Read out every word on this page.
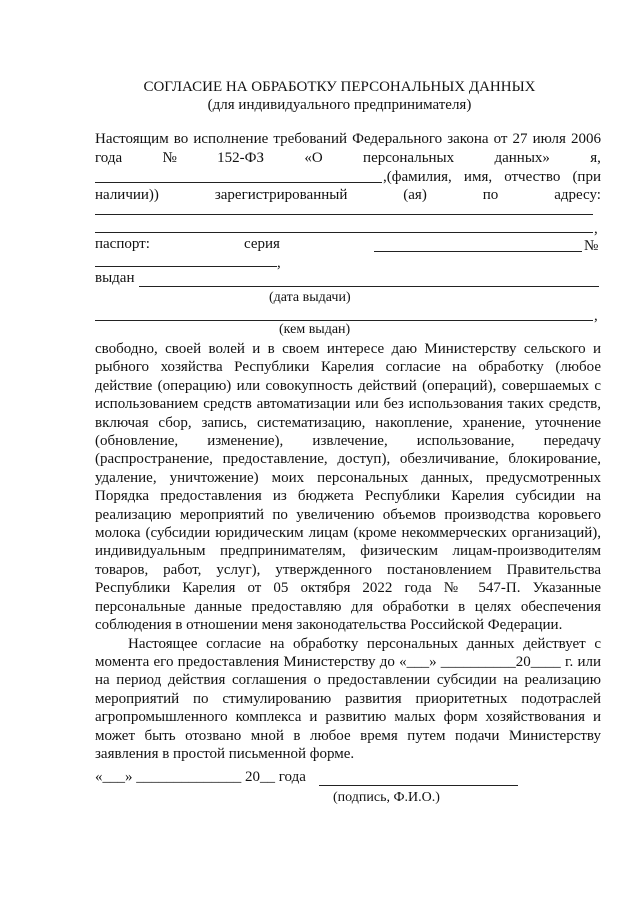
СОГЛАСИЕ НА ОБРАБОТКУ ПЕРСОНАЛЬНЫХ ДАННЫХ
(для индивидуального предпринимателя)
Настоящим во исполнение требований Федерального закона от 27 июля 2006
года	№	152-ФЗ	«О	персональных	данных»	я,
,(фамилия, имя, отчество (при
наличии))	зарегистрированный	(ая)	по	адресу:
,
паспорт:	серия	№
,
выдан
(дата выдачи)
,
(кем выдан)

свободно, своей волей и в своем интересе даю Министерству сельского и рыбного хозяйства Республики Карелия согласие на обработку (любое действие (операцию) или совокупность действий (операций), совершаемых с использованием средств автоматизации или без использования таких средств, включая сбор, запись, систематизацию, накопление, хранение, уточнение (обновление, изменение), извлечение, использование, передачу (распространение, предоставление, доступ), обезличивание, блокирование, удаление, уничтожение) моих персональных данных, предусмотренных Порядка предоставления из бюджета Республики Карелия субсидии на реализацию мероприятий по увеличению объемов производства коровьего молока (субсидии юридическим лицам (кроме некоммерческих организаций), индивидуальным предпринимателям, физическим лицам-производителям товаров, работ, услуг), утвержденного постановлением Правительства Республики Карелия от 05 октября 2022 года № 547-П. Указанные персональные данные предоставляю для обработки в целях обеспечения соблюдения в отношении меня законодательства Российской Федерации.

Настоящее согласие на обработку персональных данных действует с момента его предоставления Министерству до «___» __________20____ г. или на период действия соглашения о предоставлении субсидии на реализацию мероприятий по стимулированию развития приоритетных подотраслей агропромышленного комплекса и развитию малых форм хозяйствования и может быть отозвано мной в любое время путем подачи Министерству заявления в простой письменной форме.

«___» ______________ 20__ года
(подпись, Ф.И.О.)
